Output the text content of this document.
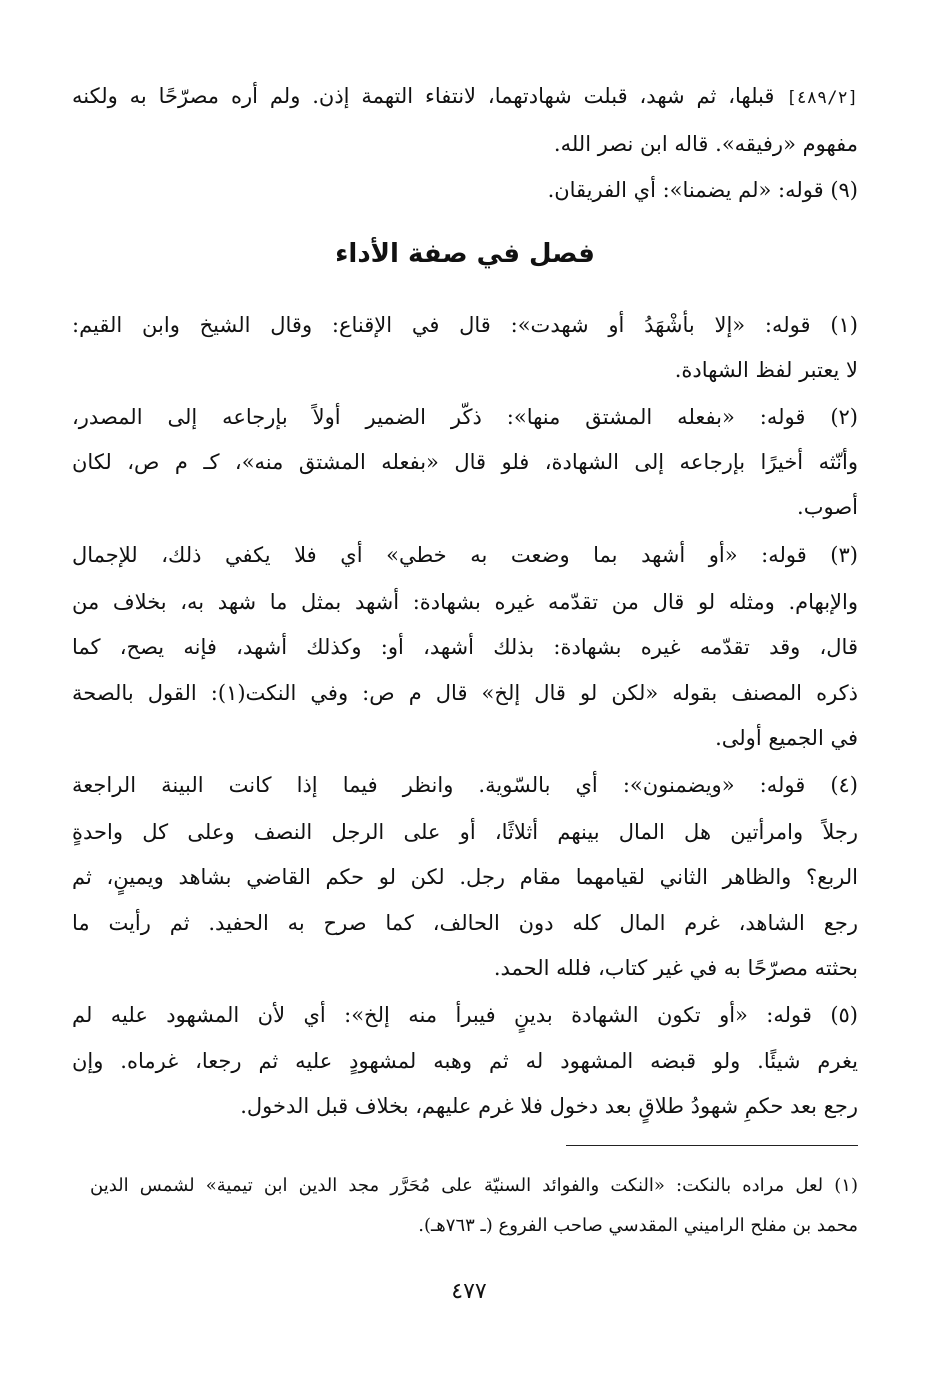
[٤٨٩/٢] قبلها، ثم شهد، قبلت شهادتهما، لانتفاء التهمة إذن. ولم أره مصرّحًا به ولكنه
مفهوم «رفيقه». قاله ابن نصر الله.
(٩) قوله: «لم يضمنا»: أي الفريقان.
فصل في صفة الأداء
(١) قوله: «إلا بأشْهَدُ أو شهدت»: قال في الإقناع: وقال الشيخ وابن القيم:
لا يعتبر لفظ الشهادة.
(٢) قوله: «بفعله المشتق منها»: ذكّر الضمير أولاً بإرجاعه إلى المصدر،
وأنّثه أخيرًا بإرجاعه إلى الشهادة، فلو قال «بفعله المشتق منه»، كـ م ص، لكان
أصوب.
(٣) قوله: «أو أشهد بما وضعت به خطي» أي فلا يكفي ذلك، للإجمال
والإبهام. ومثله لو قال من تقدّمه غيره بشهادة: أشهد بمثل ما شهد به، بخلاف من
قال، وقد تقدّمه غيره بشهادة: بذلك أشهد، أو: وكذلك أشهد، فإنه يصح، كما
ذكره المصنف بقوله «لكن لو قال إلخ» قال م ص: وفي النكت(١): القول بالصحة
في الجميع أولى.
(٤) قوله: «ويضمنون»: أي بالسّوية. وانظر فيما إذا كانت البينة الراجعة
رجلاً وامرأتين هل المال بينهم أثلاثًا، أو على الرجل النصف وعلى كل واحدةٍ
الربع؟ والظاهر الثاني لقيامهما مقام رجل. لكن لو حكم القاضي بشاهد ويمينٍ، ثم
رجع الشاهد، غرم المال كله دون الحالف، كما صرح به الحفيد. ثم رأيت ما
بحثته مصرّحًا به في غير كتاب، فلله الحمد.
(٥) قوله: «أو تكون الشهادة بدينٍ فيبرأ منه إلخ»: أي لأن المشهود عليه لم
يغرم شيئًا. ولو قبضه المشهود له ثم وهبه لمشهودٍ عليه ثم رجعا، غرماه. وإن
رجع بعد حكمِ شهودُ طلاقٍ بعد دخول فلا غرم عليهم، بخلاف قبل الدخول.
(١) لعل مراده بالنكت: «النكت والفوائد السنيّة على مُحَرَّر مجد الدين ابن تيمية» لشمس الدين
محمد بن مفلح الراميني المقدسي صاحب الفروع (ـ ٧٦٣هـ).
٤٧٧
